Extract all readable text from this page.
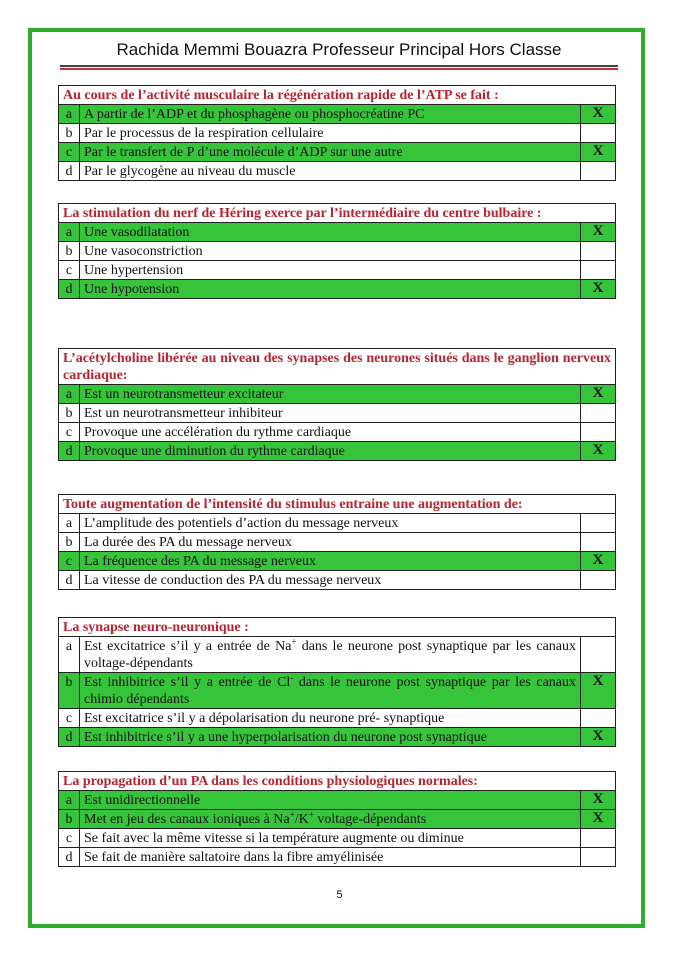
Rachida Memmi Bouazra Professeur Principal Hors Classe
Au cours de l’activité musculaire la régénération rapide de l’ATP se fait :		
a	A partir de l’ADP et du phosphagène ou phosphocréatine PC	X
b	Par le processus de la respiration cellulaire	
c	Par le transfert de P d’une molécule d’ADP sur une autre	X
d	Par le glycogène au niveau du muscle	
La stimulation du nerf de Héring exerce par l’intermédiaire du centre bulbaire :		
a	Une vasodilatation	X
b	Une vasoconstriction	
c	Une hypertension	
d	Une hypotension	X
L’acétylcholine libérée au niveau des synapses des neurones situés dans le ganglion nerveux cardiaque:		
a	Est un neurotransmetteur excitateur	X
b	Est un neurotransmetteur inhibiteur	
c	Provoque une accélération du rythme cardiaque	
d	Provoque une diminution du rythme cardiaque	X
Toute augmentation de l’intensité du stimulus entraine une augmentation de:		
a	L’amplitude des potentiels d’action du message nerveux	
b	La durée des PA du message nerveux	
c	La fréquence des PA du message nerveux	X
d	La vitesse de conduction des PA du message nerveux	
La synapse neuro-neuronique :		
a	Est excitatrice s’il y a entrée de Na+ dans le neurone post synaptique par les canaux voltage-dépendants	
b	Est inhibitrice s’il y a entrée de Cl- dans le neurone post synaptique par les canaux chimio dépendants	X
c	Est excitatrice s’il y a dépolarisation du neurone pré- synaptique	
d	Est inhibitrice s’il y a une hyperpolarisation du neurone post synaptique	X
La propagation d’un PA dans les conditions physiologiques normales:		
a	Est unidirectionnelle	X
b	Met en jeu des canaux ioniques à Na+/K+ voltage-dépendants	X
c	Se fait avec la même vitesse si la température augmente ou diminue	
d	Se fait de manière saltatoire dans la fibre amyélinisée	
5
